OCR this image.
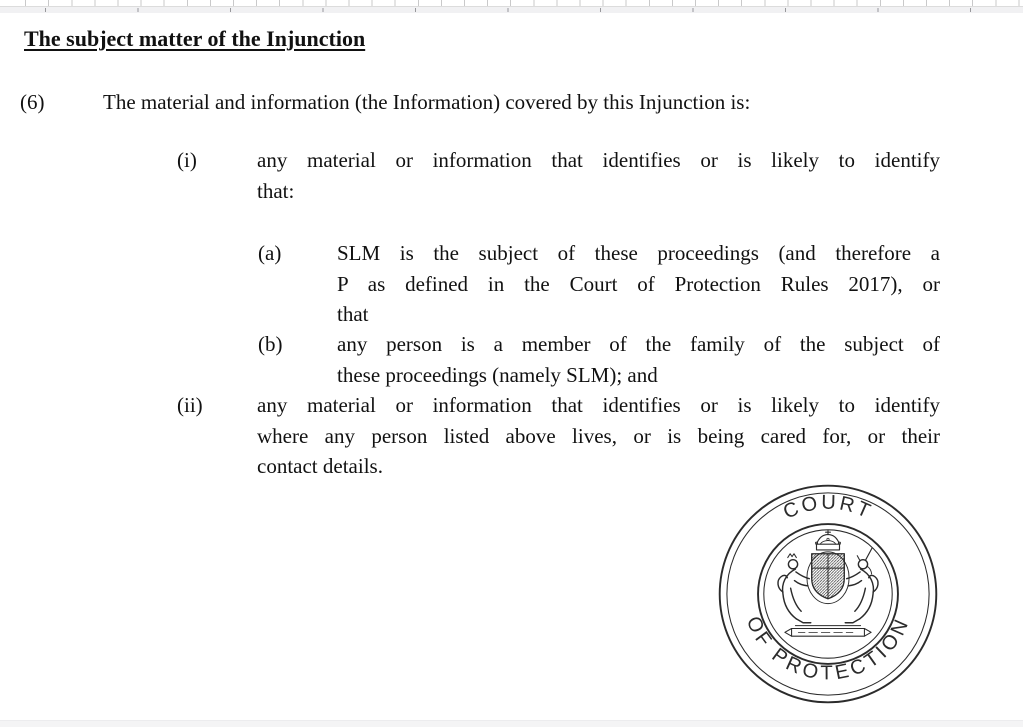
The subject matter of the Injunction
(6)	The material and information (the Information) covered by this Injunction is:
(i)	any material or information that identifies or is likely to identify
that:
(a)	SLM is the subject of these proceedings (and therefore a
P as defined in the Court of Protection Rules 2017), or
that
(b)	any person is a member of the family of the subject of
these proceedings (namely SLM); and
(ii)	any material or information that identifies or is likely to identify
where any person listed above lives, or is being cared for, or their
contact details.
COURT
OF PROTECTION
